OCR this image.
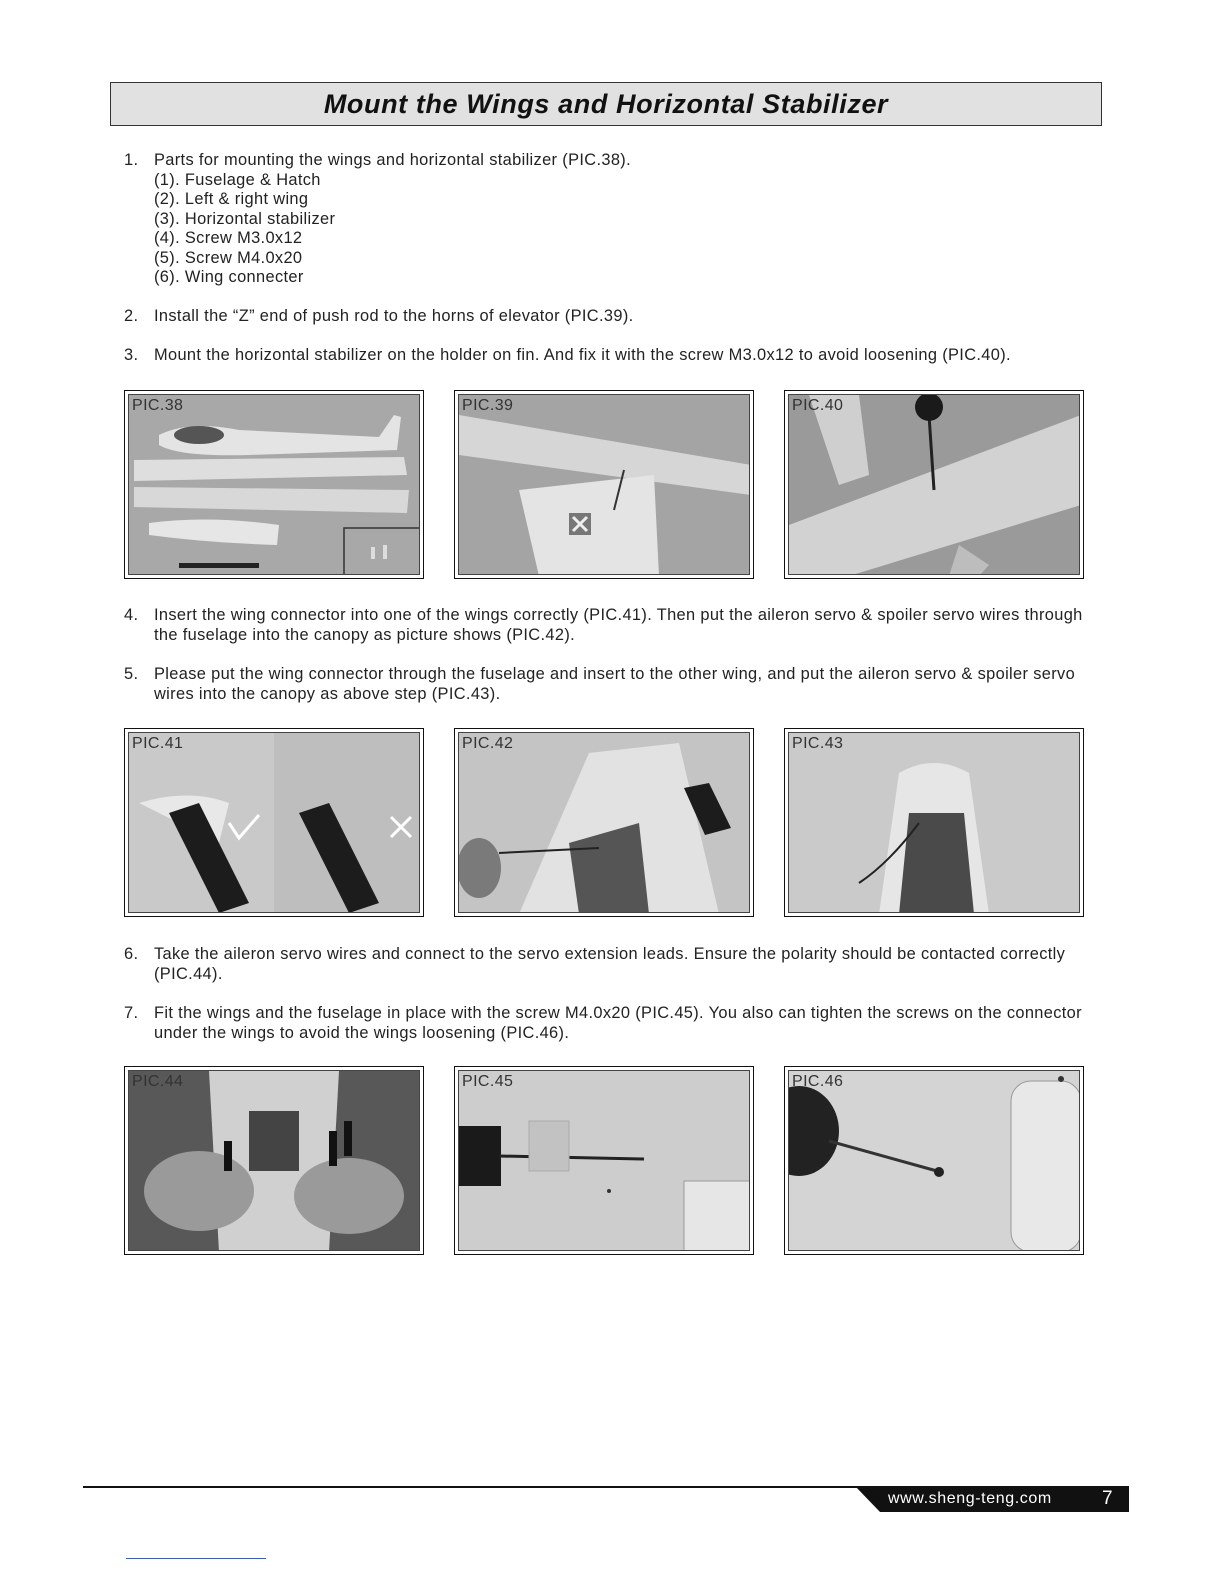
Mount the Wings and Horizontal Stabilizer
1. Parts for mounting the wings and horizontal stabilizer (PIC.38).
(1). Fuselage & Hatch
(2). Left & right wing
(3). Horizontal stabilizer
(4). Screw M3.0x12
(5). Screw M4.0x20
(6). Wing connecter
2. Install the “Z” end of push rod to the horns of elevator (PIC.39).
3. Mount the horizontal stabilizer on the holder on fin. And fix it with the screw M3.0x12 to avoid loosening (PIC.40).
PIC.38	PIC.39	PIC.40
4. Insert the wing connector into one of the wings correctly (PIC.41). Then put the aileron servo & spoiler servo wires through the fuselage into the canopy as picture shows (PIC.42).
5. Please put the wing connector through the fuselage and insert to the other wing, and put the aileron servo & spoiler servo wires into the canopy as above step (PIC.43).
PIC.41	PIC.42	PIC.43
6. Take the aileron servo wires and connect to the servo extension leads. Ensure the polarity should be contacted correctly (PIC.44).
7. Fit the wings and the fuselage in place with the screw M4.0x20 (PIC.45). You also can tighten the screws on the connector under the wings to avoid the wings loosening (PIC.46).
PIC.44	PIC.45	PIC.46
www.sheng-teng.com	7
